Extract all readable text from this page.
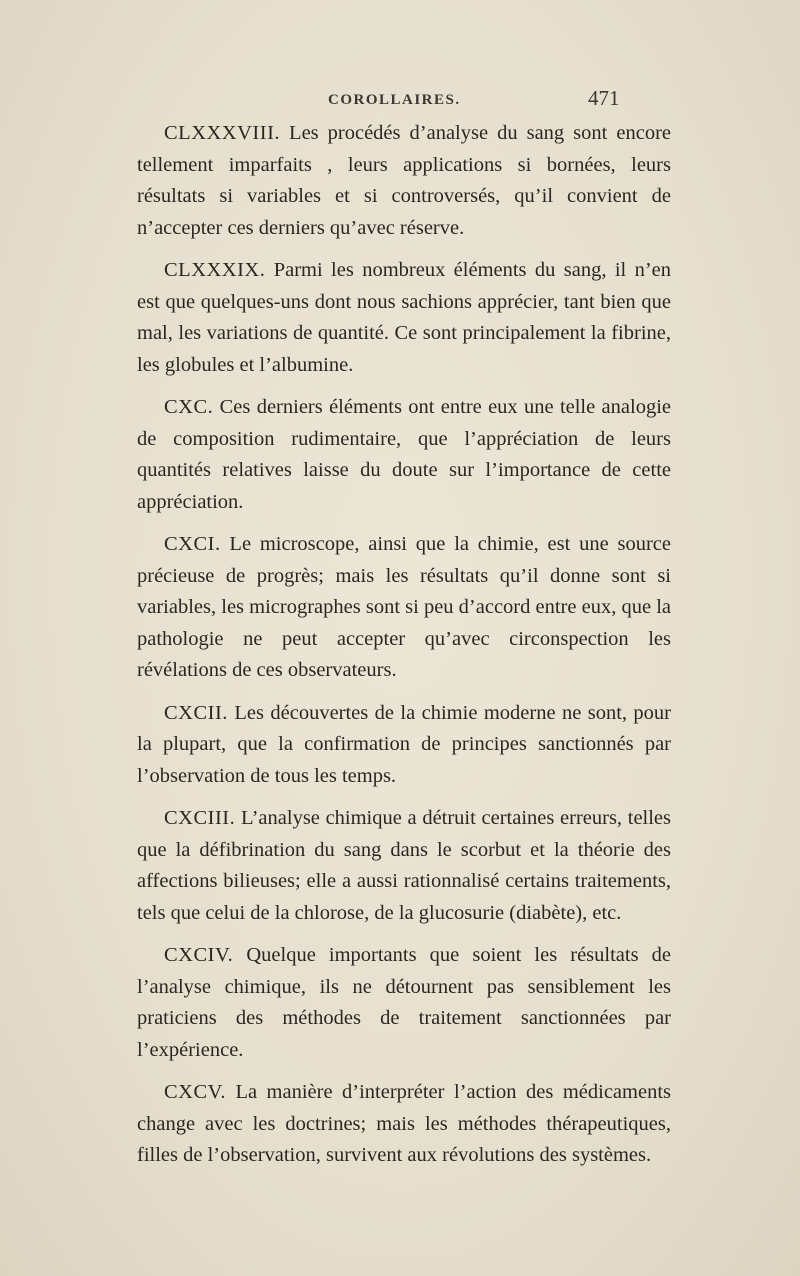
COROLLAIRES.	471

CLXXXVIII. Les procédés d’analyse du sang sont encore tellement imparfaits , leurs applications si bornées, leurs résultats si variables et si controversés, qu’il convient de n’accepter ces derniers qu’avec réserve.

CLXXXIX. Parmi les nombreux éléments du sang, il n’en est que quelques-uns dont nous sachions apprécier, tant bien que mal, les variations de quantité. Ce sont principalement la fibrine, les globules et l’albumine.

CXC. Ces derniers éléments ont entre eux une telle analogie de composition rudimentaire, que l’appréciation de leurs quantités relatives laisse du doute sur l’importance de cette appréciation.

CXCI. Le microscope, ainsi que la chimie, est une source précieuse de progrès; mais les résultats qu’il donne sont si variables, les micrographes sont si peu d’accord entre eux, que la pathologie ne peut accepter qu’avec circonspection les révélations de ces observateurs.

CXCII. Les découvertes de la chimie moderne ne sont, pour la plupart, que la confirmation de principes sanctionnés par l’observation de tous les temps.

CXCIII. L’analyse chimique a détruit certaines erreurs, telles que la défibrination du sang dans le scorbut et la théorie des affections bilieuses; elle a aussi rationnalisé certains traitements, tels que celui de la chlorose, de la glucosurie (diabète), etc.

CXCIV. Quelque importants que soient les résultats de l’analyse chimique, ils ne détournent pas sensiblement les praticiens des méthodes de traitement sanctionnées par l’expérience.

CXCV. La manière d’interpréter l’action des médicaments change avec les doctrines; mais les méthodes thérapeutiques, filles de l’observation, survivent aux révolutions des systèmes.
